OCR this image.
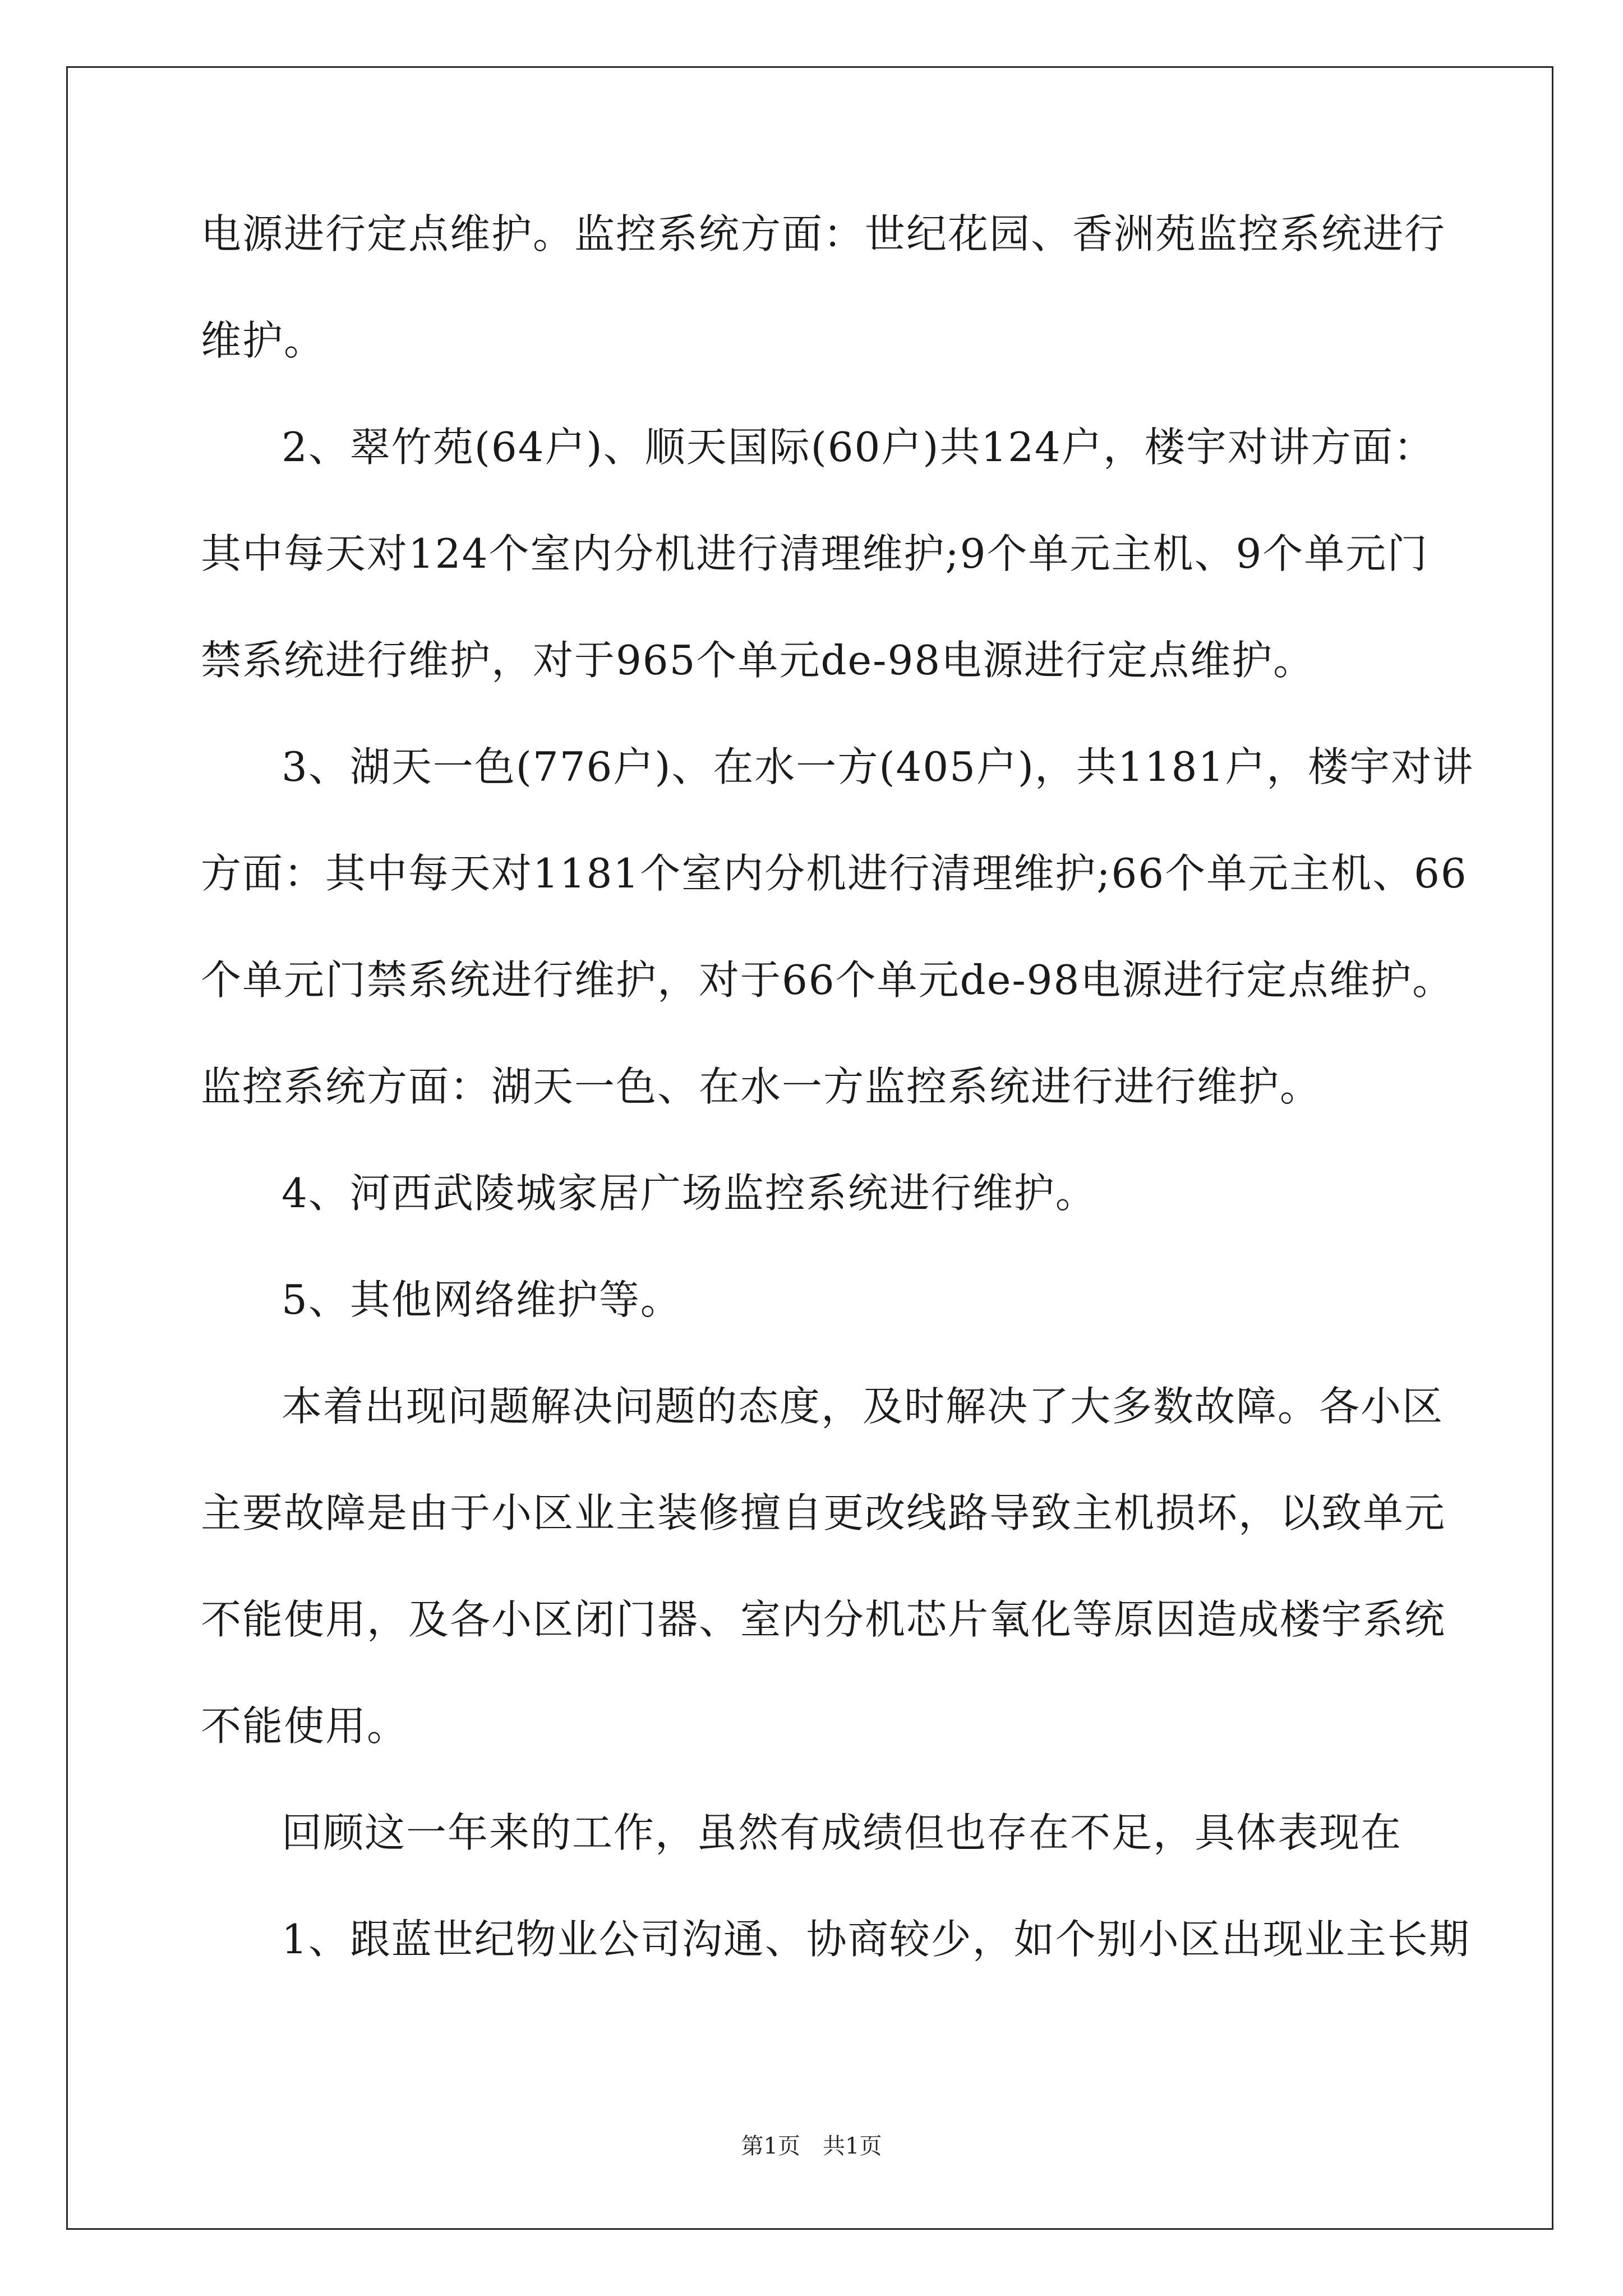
电源进行定点维护。监控系统方面：世纪花园、香洲苑监控系统进行
维护。
2、翠竹苑(64户)、顺天国际(60户)共124户，楼宇对讲方面：
其中每天对124个室内分机进行清理维护;9个单元主机、9个单元门
禁系统进行维护，对于965个单元de-98电源进行定点维护。
3、湖天一色(776户)、在水一方(405户)，共1181户，楼宇对讲
方面：其中每天对1181个室内分机进行清理维护;66个单元主机、66
个单元门禁系统进行维护，对于66个单元de-98电源进行定点维护。
监控系统方面：湖天一色、在水一方监控系统进行进行维护。
4、河西武陵城家居广场监控系统进行维护。
5、其他网络维护等。
本着出现问题解决问题的态度，及时解决了大多数故障。各小区
主要故障是由于小区业主装修擅自更改线路导致主机损坏，以致单元
不能使用，及各小区闭门器、室内分机芯片氧化等原因造成楼宇系统
不能使用。
回顾这一年来的工作，虽然有成绩但也存在不足，具体表现在
1、跟蓝世纪物业公司沟通、协商较少，如个别小区出现业主长期
第1页 共1页
